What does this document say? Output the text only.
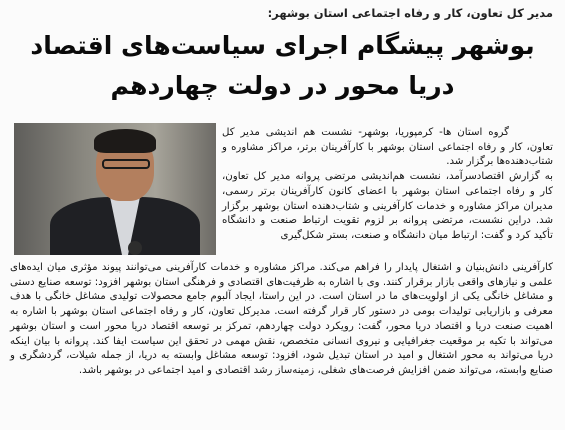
مدیر کل تعاون، کار و رفاه اجتماعی استان بوشهر:
بوشهر پیشگام اجرای سیاست‌های اقتصاد دریا محور در دولت چهاردهم

گروه استان ها- کرمپوریا، بوشهر- نشست هم اندیشی مدیر کل تعاون، کار و رفاه اجتماعی استان بوشهر با کارآفرینان برتر، مراکز مشاوره و شتاب‌دهنده‌ها برگزار شد.

به گزارش اقتصادسرآمد، نشست هم‌اندیشی مرتضی پروانه مدیر کل تعاون، کار و رفاه اجتماعی استان بوشهر با اعضای کانون کارآفرینان برتر رسمی، مدیران مراکز مشاوره و خدمات کارآفرینی و شتاب‌دهنده استان بوشهر برگزار شد. دراین نشست، مرتضی پروانه بر لزوم تقویت ارتباط صنعت و دانشگاه تأکید کرد و گفت: ارتباط میان دانشگاه و صنعت، بستر شکل‌گیری

کارآفرینی دانش‌بنیان و اشتغال پایدار را فراهم می‌کند. مراکز مشاوره و خدمات کارآفرینی می‌توانند پیوند مؤثری میان ایده‌های علمی و نیازهای واقعی بازار برقرار کنند. وی با اشاره به ظرفیت‌های اقتصادی و فرهنگی استان بوشهر افزود: توسعه صنایع دستی و مشاغل خانگی یکی از اولویت‌های ما در استان است. در این راستا، ایجاد آلبوم جامع محصولات تولیدی مشاغل خانگی با هدف معرفی و بازاریابی تولیدات بومی در دستور کار قرار گرفته است. مدیرکل تعاون، کار و رفاه اجتماعی استان بوشهر با اشاره به اهمیت صنعت دریا و اقتصاد دریا محور، گفت: رویکرد دولت چهاردهم، تمرکز بر توسعه اقتصاد دریا محور است و استان بوشهر می‌تواند با تکیه بر موقعیت جغرافیایی و نیروی انسانی متخصص، نقش مهمی در تحقق این سیاست ایفا کند. پروانه با بیان اینکه دریا می‌تواند به محور اشتغال و امید در استان تبدیل شود، افزود: توسعه مشاغل وابسته به دریا، از جمله شیلات، گردشگری و صنایع وابسته، می‌تواند ضمن افزایش فرصت‌های شغلی، زمینه‌ساز رشد اقتصادی و امید اجتماعی در بوشهر باشد.
